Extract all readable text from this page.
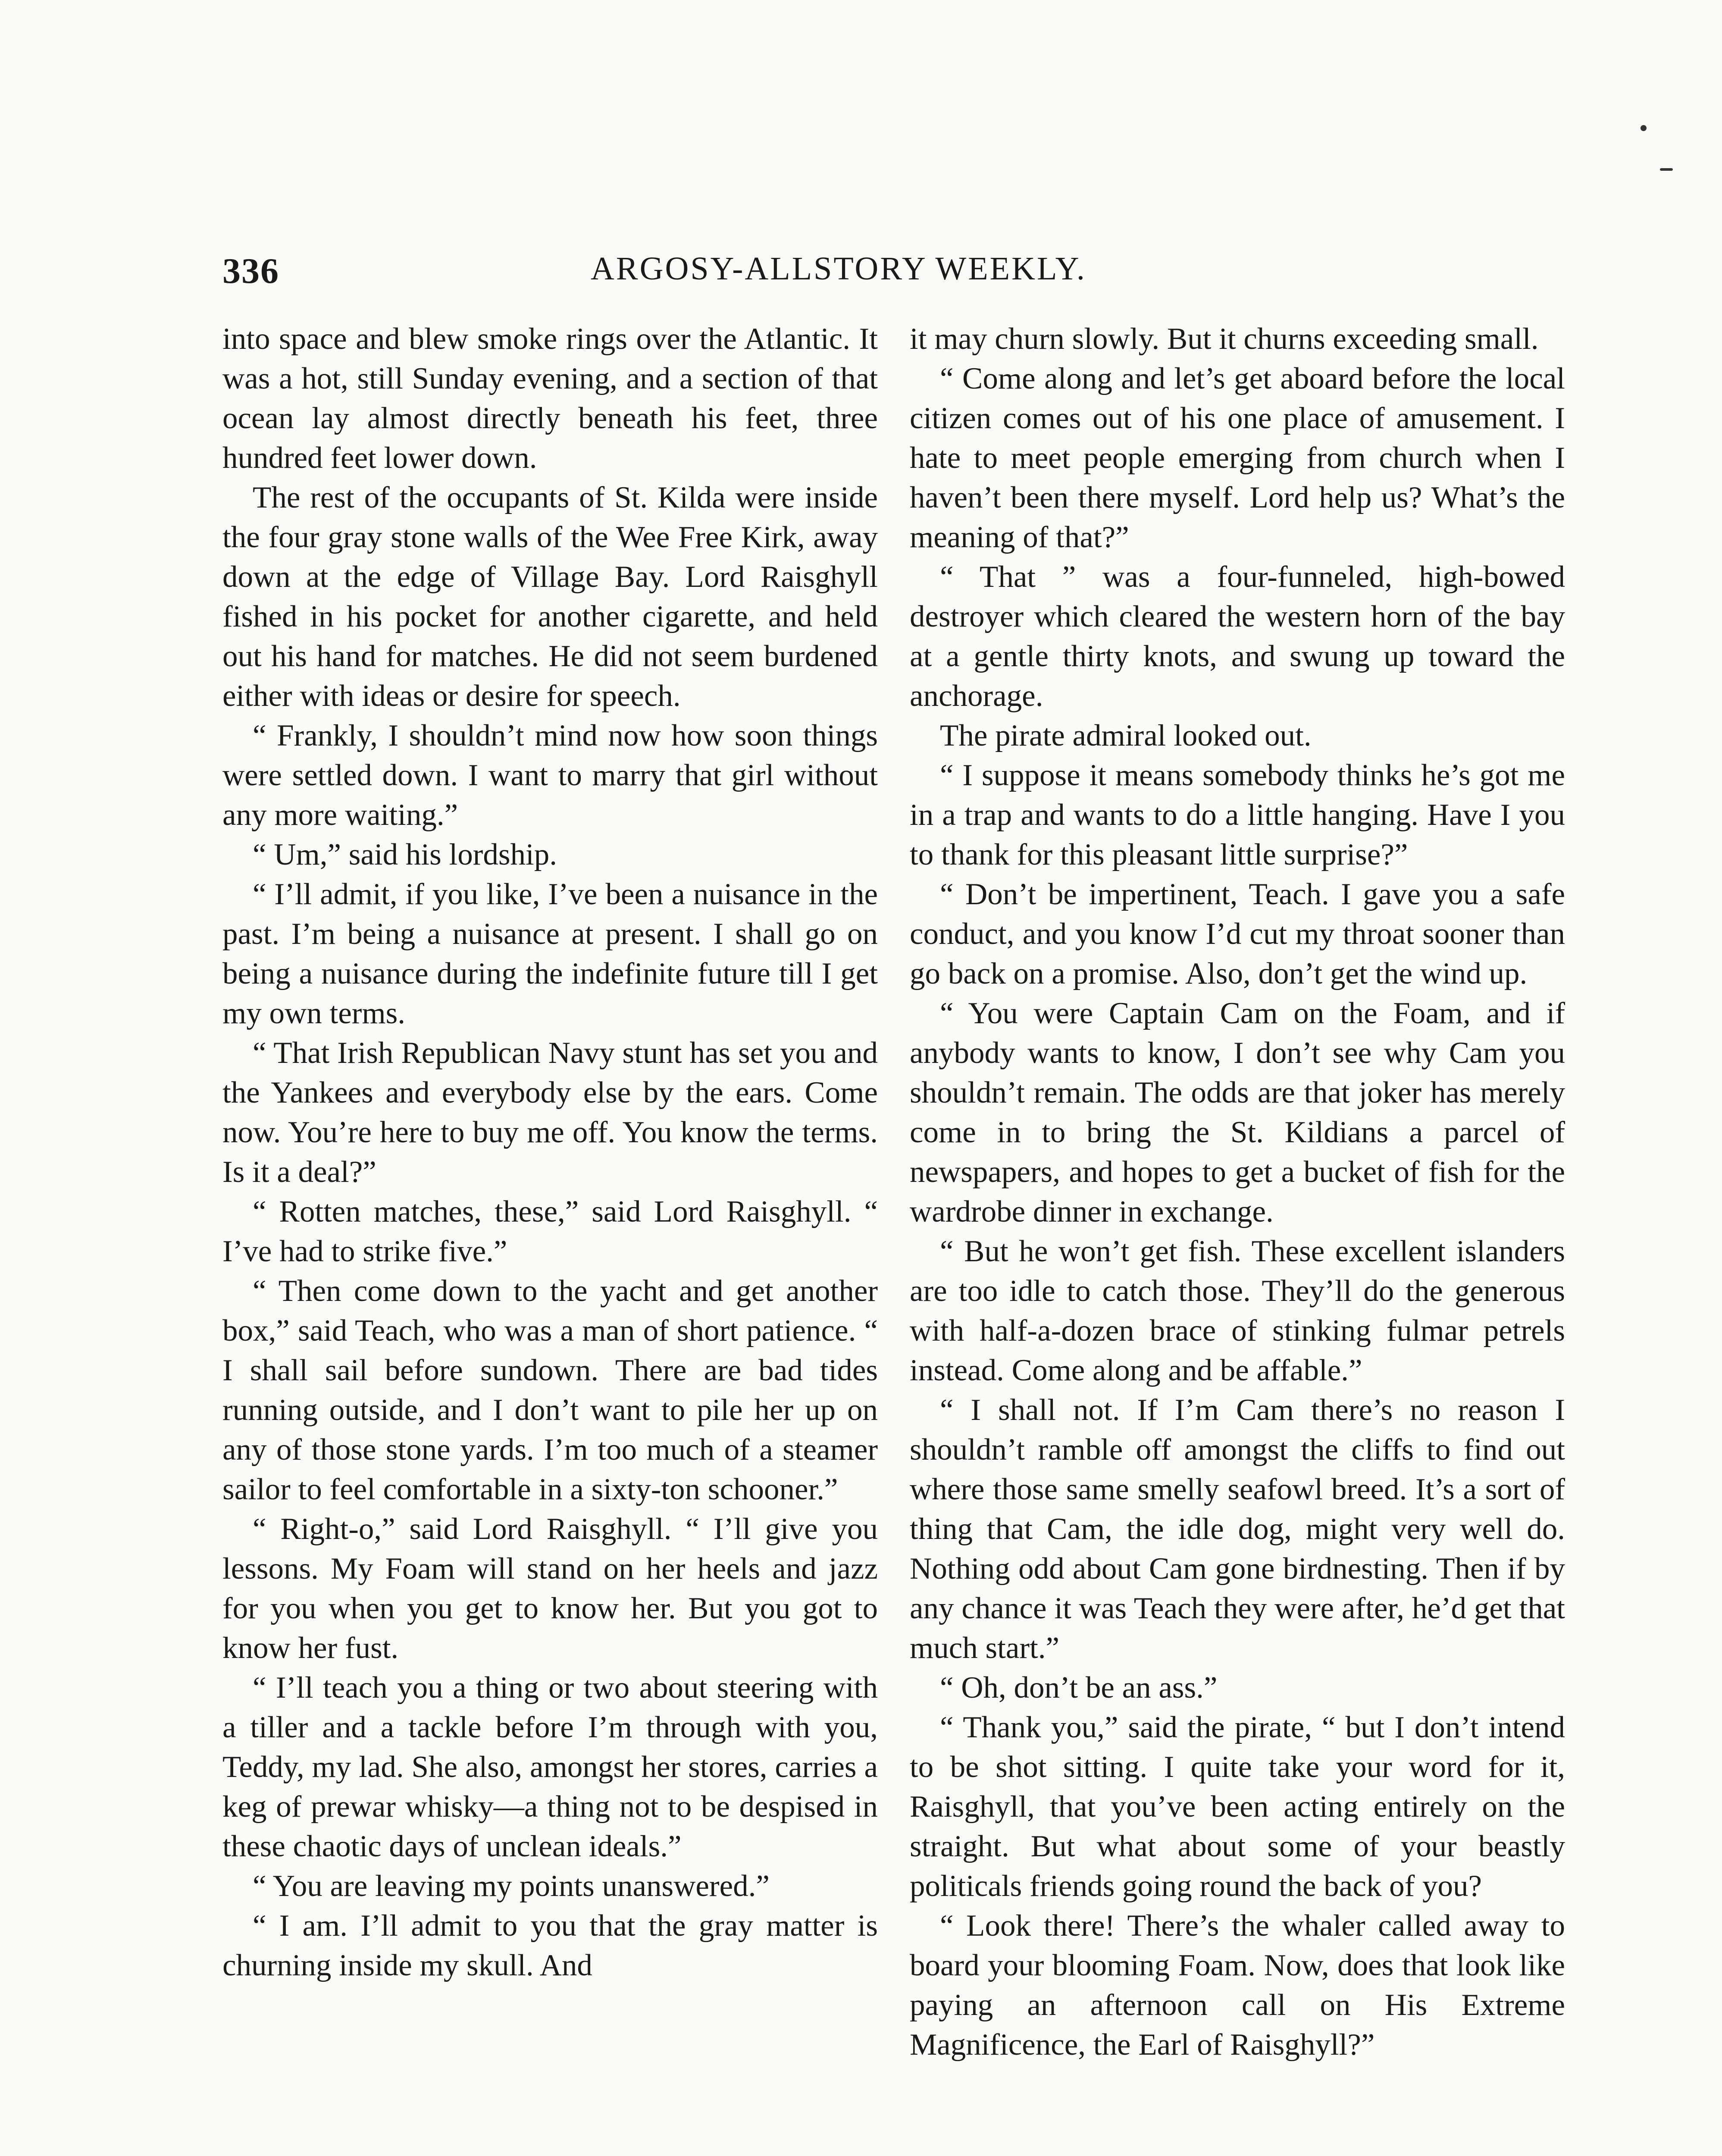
336	ARGOSY-ALLSTORY WEEKLY.

into space and blew smoke rings over the Atlantic. It was a hot, still Sunday evening, and a section of that ocean lay almost directly beneath his feet, three hundred feet lower down.

The rest of the occupants of St. Kilda were inside the four gray stone walls of the Wee Free Kirk, away down at the edge of Village Bay. Lord Raisghyll fished in his pocket for another cigarette, and held out his hand for matches. He did not seem burdened either with ideas or desire for speech.

“ Frankly, I shouldn’t mind now how soon things were settled down. I want to marry that girl without any more waiting.”

“ Um,” said his lordship.

“ I’ll admit, if you like, I’ve been a nuisance in the past. I’m being a nuisance at present. I shall go on being a nuisance during the indefinite future till I get my own terms.

“ That Irish Republican Navy stunt has set you and the Yankees and everybody else by the ears. Come now. You’re here to buy me off. You know the terms. Is it a deal?”

“ Rotten matches, these,” said Lord Raisghyll. “ I’ve had to strike five.”

“ Then come down to the yacht and get another box,” said Teach, who was a man of short patience. “ I shall sail before sundown. There are bad tides running outside, and I don’t want to pile her up on any of those stone yards. I’m too much of a steamer sailor to feel comfortable in a sixty-ton schooner.”

“ Right-o,” said Lord Raisghyll. “ I’ll give you lessons. My Foam will stand on her heels and jazz for you when you get to know her. But you got to know her fust.

“ I’ll teach you a thing or two about steering with a tiller and a tackle before I’m through with you, Teddy, my lad. She also, amongst her stores, carries a keg of prewar whisky—a thing not to be despised in these chaotic days of unclean ideals.”

“ You are leaving my points unanswered.”

“ I am. I’ll admit to you that the gray matter is churning inside my skull. And

it may churn slowly. But it churns exceeding small.

“ Come along and let’s get aboard before the local citizen comes out of his one place of amusement. I hate to meet people emerging from church when I haven’t been there myself. Lord help us? What’s the meaning of that?”

“ That ” was a four-funneled, high-bowed destroyer which cleared the western horn of the bay at a gentle thirty knots, and swung up toward the anchorage.

The pirate admiral looked out.

“ I suppose it means somebody thinks he’s got me in a trap and wants to do a little hanging. Have I you to thank for this pleasant little surprise?”

“ Don’t be impertinent, Teach. I gave you a safe conduct, and you know I’d cut my throat sooner than go back on a promise. Also, don’t get the wind up.

“ You were Captain Cam on the Foam, and if anybody wants to know, I don’t see why Cam you shouldn’t remain. The odds are that joker has merely come in to bring the St. Kildians a parcel of newspapers, and hopes to get a bucket of fish for the wardrobe dinner in exchange.

“ But he won’t get fish. These excellent islanders are too idle to catch those. They’ll do the generous with half-a-dozen brace of stinking fulmar petrels instead. Come along and be affable.”

“ I shall not. If I’m Cam there’s no reason I shouldn’t ramble off amongst the cliffs to find out where those same smelly seafowl breed. It’s a sort of thing that Cam, the idle dog, might very well do. Nothing odd about Cam gone birdnesting. Then if by any chance it was Teach they were after, he’d get that much start.”

“ Oh, don’t be an ass.”

“ Thank you,” said the pirate, “ but I don’t intend to be shot sitting. I quite take your word for it, Raisghyll, that you’ve been acting entirely on the straight. But what about some of your beastly politicals friends going round the back of you?

“ Look there! There’s the whaler called away to board your blooming Foam. Now, does that look like paying an afternoon call on His Extreme Magnificence, the Earl of Raisghyll?”
